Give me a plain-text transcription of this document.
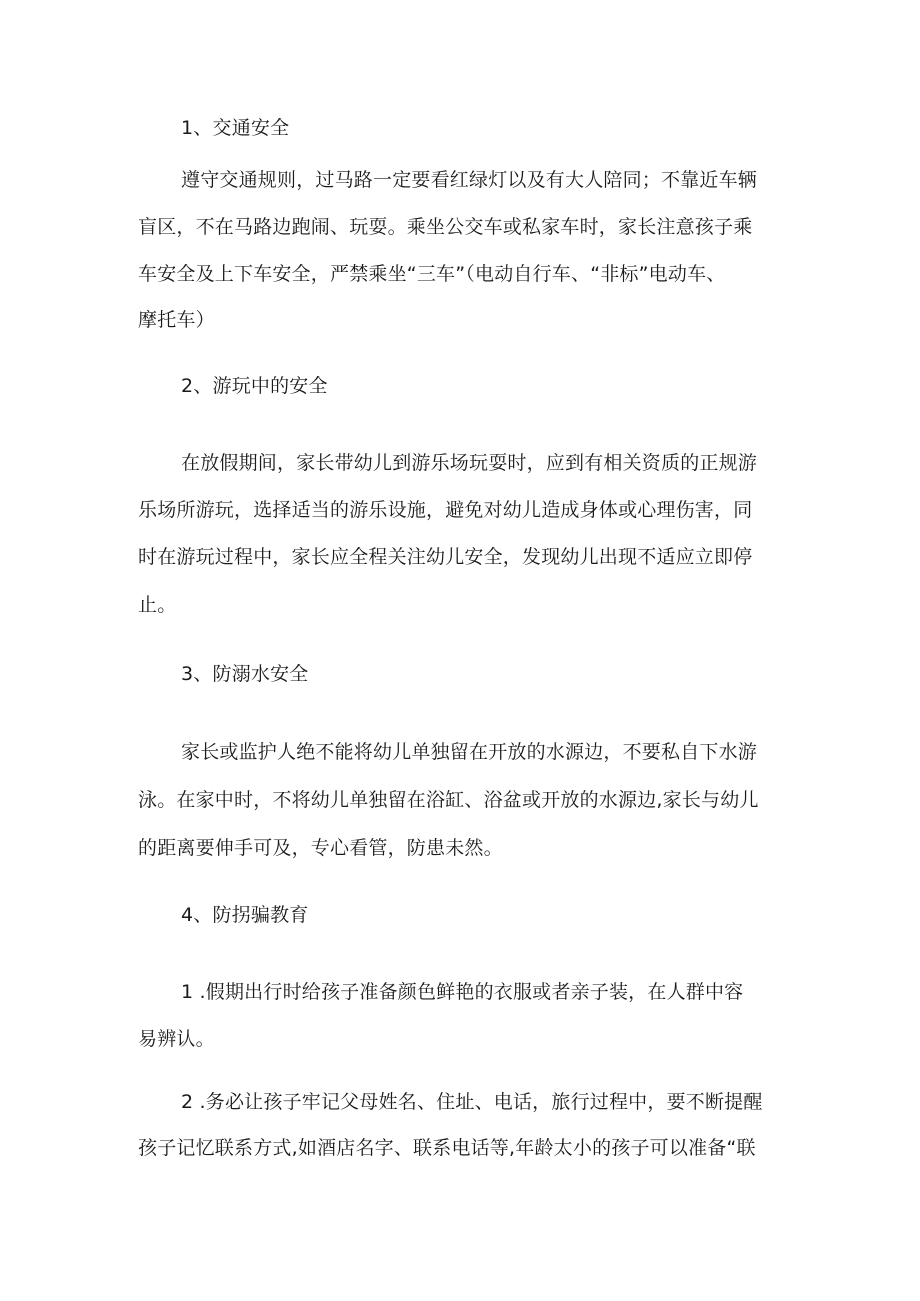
1、交通安全
遵守交通规则，过马路一定要看红绿灯以及有大人陪同；不靠近车辆
盲区，不在马路边跑闹、玩耍。乘坐公交车或私家车时，家长注意孩子乘
车安全及上下车安全，严禁乘坐“三车”（电动自行车、“非标”电动车、
摩托车）
2、游玩中的安全
在放假期间，家长带幼儿到游乐场玩耍时，应到有相关资质的正规游
乐场所游玩，选择适当的游乐设施，避免对幼儿造成身体或心理伤害，同
时在游玩过程中，家长应全程关注幼儿安全，发现幼儿出现不适应立即停
止。
3、防溺水安全
家长或监护人绝不能将幼儿单独留在开放的水源边，不要私自下水游
泳。在家中时，不将幼儿单独留在浴缸、浴盆或开放的水源边,家长与幼儿
的距离要伸手可及，专心看管，防患未然。
4、防拐骗教育
1 .假期出行时给孩子准备颜色鲜艳的衣服或者亲子装，在人群中容
易辨认。
2 .务必让孩子牢记父母姓名、住址、电话，旅行过程中，要不断提醒
孩子记忆联系方式,如酒店名字、联系电话等,年龄太小的孩子可以准备“联
